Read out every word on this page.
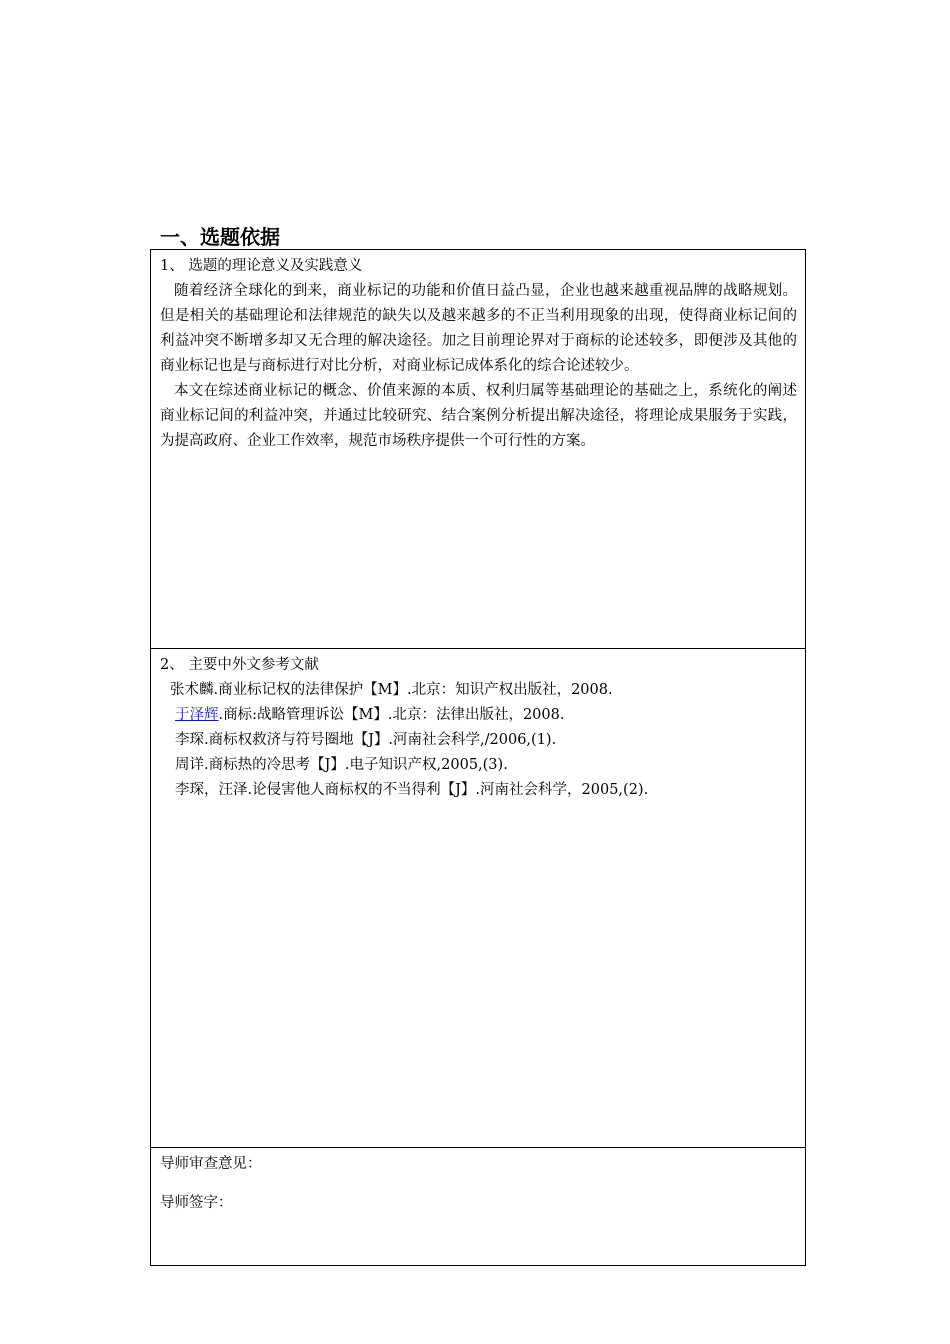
一、选题依据

1、 选题的理论意义及实践意义

随着经济全球化的到来，商业标记的功能和价值日益凸显，企业也越来越重视品牌的战略规划。但是相关的基础理论和法律规范的缺失以及越来越多的不正当利用现象的出现，使得商业标记间的利益冲突不断增多却又无合理的解决途径。加之目前理论界对于商标的论述较多，即便涉及其他的商业标记也是与商标进行对比分析，对商业标记成体系化的综合论述较少。

本文在综述商业标记的概念、价值来源的本质、权利归属等基础理论的基础之上，系统化的阐述商业标记间的利益冲突，并通过比较研究、结合案例分析提出解决途径，将理论成果服务于实践，为提高政府、企业工作效率，规范市场秩序提供一个可行性的方案。

2、 主要中外文参考文献

张术麟.商业标记权的法律保护【M】.北京：知识产权出版社，2008.
于泽辉.商标:战略管理诉讼【M】.北京：法律出版社，2008.
李琛.商标权救济与符号圈地【J】.河南社会科学,/2006,(1).
周详.商标热的冷思考【J】.电子知识产权,2005,(3).
李琛，汪泽.论侵害他人商标权的不当得利【J】.河南社会科学，2005,(2).

导师审查意见：

导师签字：
